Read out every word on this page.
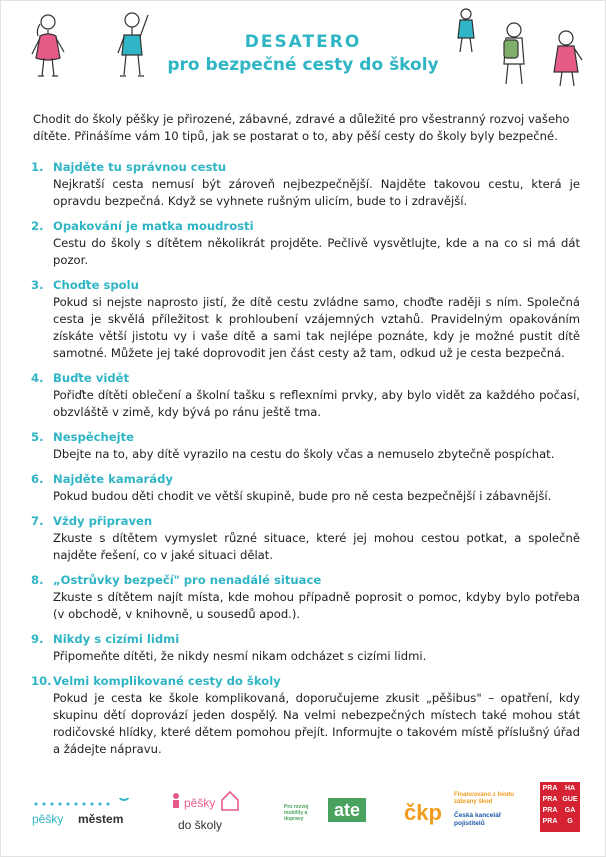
DESATERO
pro bezpečné cesty do školy
Chodit do školy pěšky je přirozené, zábavné, zdravé a důležité pro všestranný rozvoj vašeho dítěte. Přinášíme vám 10 tipů, jak se postarat o to, aby pěší cesty do školy byly bezpečné.
1. Najděte tu správnou cestu
Nejkratší cesta nemusí být zároveň nejbezpečnější. Najděte takovou cestu, která je opravdu bezpečná. Když se vyhnete rušným ulicím, bude to i zdravější.
2. Opakování je matka moudrosti
Cestu do školy s dítětem několikrát projděte. Pečlivě vysvětlujte, kde a na co si má dát pozor.
3. Choďte spolu
Pokud si nejste naprosto jistí, že dítě cestu zvládne samo, choďte raději s ním. Společná cesta je skvělá příležitost k prohloubení vzájemných vztahů. Pravidelným opakováním získáte větší jistotu vy i vaše dítě a sami tak nejlépe poznáte, kdy je možné pustit dítě samotné. Můžete jej také doprovodit jen část cesty až tam, odkud už je cesta bezpečná.
4. Buďte vidět
Pořiďte dítěti oblečení a školní tašku s reflexními prvky, aby bylo vidět za každého počasí, obzvláště v zimě, kdy bývá po ránu ještě tma.
5. Nespěchejte
Dbejte na to, aby dítě vyrazilo na cestu do školy včas a nemuselo zbytečně pospíchat.
6. Najděte kamarády
Pokud budou děti chodit ve větší skupině, bude pro ně cesta bezpečnější i zábavnější.
7. Vždy připraven
Zkuste s dítětem vymyslet různé situace, které jej mohou cestou potkat, a společně najděte řešení, co v jaké situaci dělat.
8. „Ostrůvky bezpečí" pro nenadálé situace
Zkuste s dítětem najít místa, kde mohou případně poprosit o pomoc, kdyby bylo potřeba (v obchodě, v knihovně, u sousedů apod.).
9. Nikdy s cizími lidmi
Připomeňte dítěti, že nikdy nesmí nikam odcházet s cizími lidmi.
10. Velmi komplikované cesty do školy
Pokud je cesta ke škole komplikovaná, doporučujeme zkusit „pěšibus" – opatření, kdy skupinu dětí doprovází jeden dospělý. Na velmi nebezpečných místech také mohou stát rodičovské hlídky, které dětem pomohou přejít. Informujte o takovém místě příslušný úřad a žádejte nápravu.
pěšky městem
pěšky
do školy
Pro rozvoj mobility a dopravy	ate čkp
Financováno z fondu zábrany škod
Česká kancelář pojistitelů
PRA	HA
PRA GUE
PRA	GA
PRA	G
